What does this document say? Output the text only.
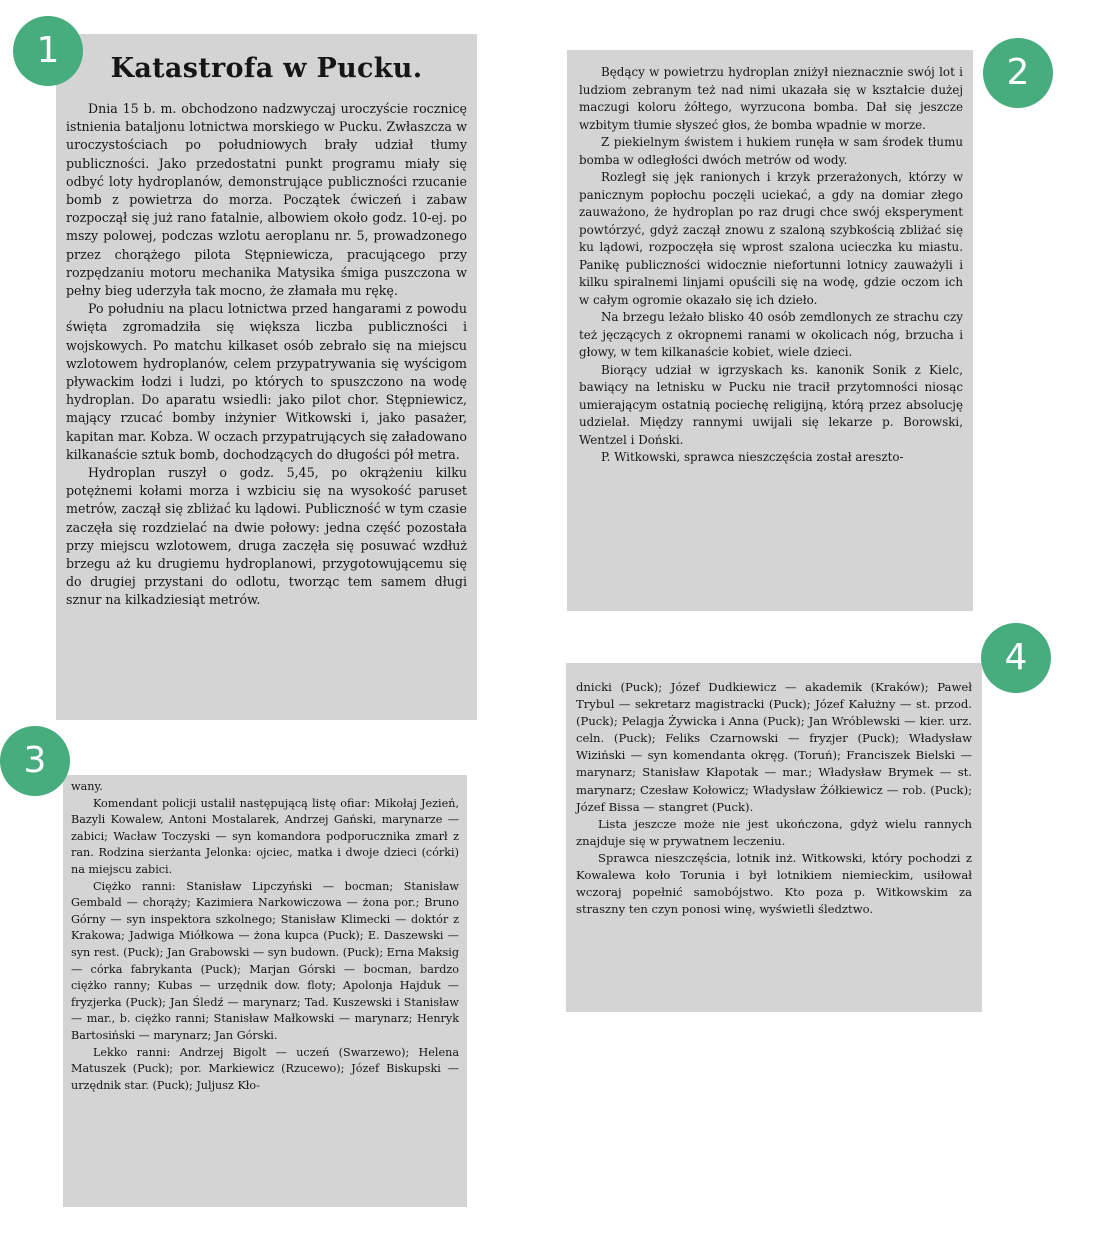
Katastrofa w Pucku.

Dnia 15 b. m. obchodzono nadzwyczaj uroczyście rocznicę istnienia bataljonu lotnictwa morskiego w Pucku. Zwłaszcza w uroczystościach po południowych brały udział tłumy publiczności. Jako przedostatni punkt programu miały się odbyć loty hydroplanów, demonstrujące publiczności rzucanie bomb z powietrza do morza. Początek ćwiczeń i zabaw rozpoczął się już rano fatalnie, albowiem około godz. 10-ej. po mszy polowej, podczas wzlotu aeroplanu nr. 5, prowadzonego przez chorążego pilota Stępniewicza, pracującego przy rozpędzaniu motoru mechanika Matysika śmiga puszczona w pełny bieg uderzyła tak mocno, że złamała mu rękę.

Po południu na placu lotnictwa przed hangarami z powodu święta zgromadziła się większa liczba publiczności i wojskowych. Po matchu kilkaset osób zebrało się na miejscu wzlotowem hydroplanów, celem przypatrywania się wyścigom pływackim łodzi i ludzi, po których to spuszczono na wodę hydroplan. Do aparatu wsiedli: jako pilot chor. Stępniewicz, mający rzucać bomby inżynier Witkowski i, jako pasażer, kapitan mar. Kobza. W oczach przypatrujących się załadowano kilkanaście sztuk bomb, dochodzących do długości pół metra.

Hydroplan ruszył o godz. 5,45, po okrążeniu kilku potężnemi kołami morza i wzbiciu się na wysokość paruset metrów, zaczął się zbliżać ku lądowi. Publiczność w tym czasie zaczęła się rozdzielać na dwie połowy: jedna część pozostała przy miejscu wzlotowem, druga zaczęła się posuwać wzdłuż brzegu aż ku drugiemu hydroplanowi, przygotowującemu się do drugiej przystani do odlotu, tworząc tem samem długi sznur na kilkadziesiąt metrów.

Będący w powietrzu hydroplan zniżył nieznacznie swój lot i ludziom zebranym też nad nimi ukazała się w kształcie dużej maczugi koloru żółtego, wyrzucona bomba. Dał się jeszcze wzbitym tłumie słyszeć głos, że bomba wpadnie w morze.

Z piekielnym świstem i hukiem runęła w sam środek tłumu bomba w odległości dwóch metrów od wody.

Rozległ się jęk ranionych i krzyk przerażonych, którzy w panicznym popłochu poczęli uciekać, a gdy na domiar złego zauważono, że hydroplan po raz drugi chce swój eksperyment powtórzyć, gdyż zaczął znowu z szaloną szybkością zbliżać się ku lądowi, rozpoczęła się wprost szalona ucieczka ku miastu. Panikę publiczności widocznie niefortunni lotnicy zauważyli i kilku spiralnemi linjami opuścili się na wodę, gdzie oczom ich w całym ogromie okazało się ich dzieło.

Na brzegu leżało blisko 40 osób zemdlonych ze strachu czy też jęczących z okropnemi ranami w okolicach nóg, brzucha i głowy, w tem kilkanaście kobiet, wiele dzieci.

Biorący udział w igrzyskach ks. kanonik Sonik z Kielc, bawiący na letnisku w Pucku nie tracił przytomności niosąc umierającym ostatnią pociechę religijną, którą przez absolucję udzielał. Między rannymi uwijali się lekarze p. Borowski, Wentzel i Doński.

P. Witkowski, sprawca nieszczęścia został areszto-

wany.

Komendant policji ustalił następującą listę ofiar: Mikołaj Jezień, Bazyli Kowalew, Antoni Mostalarek, Andrzej Gański, marynarze — zabici; Wacław Toczyski — syn komandora podporucznika zmarł z ran. Rodzina sierżanta Jelonka: ojciec, matka i dwoje dzieci (córki) na miejscu zabici.

Ciężko ranni: Stanisław Lipczyński — bocman; Stanisław Gembald — chorąży; Kazimiera Narkowiczowa — żona por.; Bruno Górny — syn inspektora szkolnego; Stanisław Klimecki — doktór z Krakowa; Jadwiga Miółkowa — żona kupca (Puck); E. Daszewski — syn rest. (Puck); Jan Grabowski — syn budown. (Puck); Erna Maksig — córka fabrykanta (Puck); Marjan Górski — bocman, bardzo ciężko ranny; Kubas — urzędnik dow. floty; Apolonja Hajduk — fryzjerka (Puck); Jan Śledź — marynarz; Tad. Kuszewski i Stanisław — mar., b. ciężko ranni; Stanisław Małkowski — marynarz; Henryk Bartosiński — marynarz; Jan Górski.

Lekko ranni: Andrzej Bigolt — uczeń (Swarzewo); Helena Matuszek (Puck); por. Markiewicz (Rzucewo); Józef Biskupski — urzędnik star. (Puck); Juljusz Kło-

dnicki (Puck); Józef Dudkiewicz — akademik (Kraków); Paweł Trybul — sekretarz magistracki (Puck); Józef Kałużny — st. przod. (Puck); Pelagja Żywicka i Anna (Puck); Jan Wróblewski — kier. urz. celn. (Puck); Feliks Czarnowski — fryzjer (Puck); Władysław Wiziński — syn komendanta okręg. (Toruń); Franciszek Bielski — marynarz; Stanisław Kłapotak — mar.; Władysław Brymek — st. marynarz; Czesław Kołowicz; Władysław Żółkiewicz — rob. (Puck); Józef Bissa — stangret (Puck).

Lista jeszcze może nie jest ukończona, gdyż wielu rannych znajduje się w prywatnem leczeniu.

Sprawca nieszczęścia, lotnik inż. Witkowski, który pochodzi z Kowalewa koło Torunia i był lotnikiem niemieckim, usiłował wczoraj popełnić samobójstwo. Kto poza p. Witkowskim za straszny ten czyn ponosi winę, wyświetli śledztwo.

1
2
3
4
